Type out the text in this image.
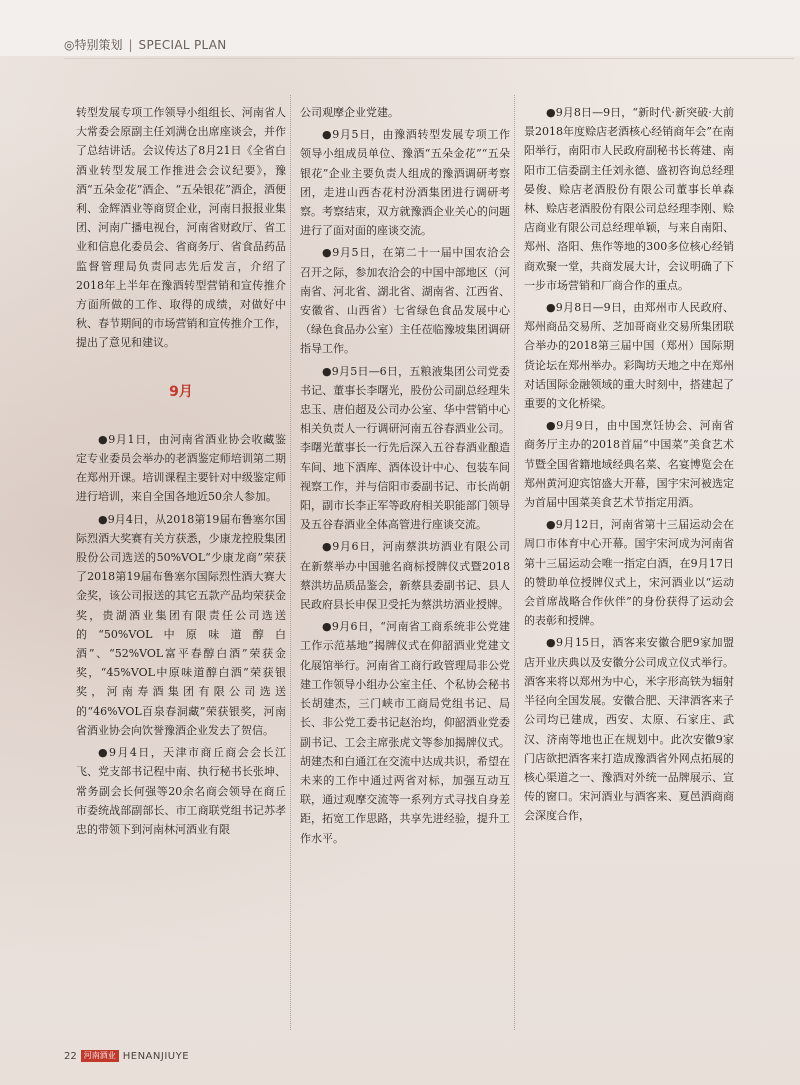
◎特别策划 | SPECIAL PLAN

转型发展专项工作领导小组组长、河南省人大常委会原副主任刘满仓出席座谈会，并作了总结讲话。会议传达了8月21日《全省白酒业转型发展工作推进会会议纪要》，豫酒“五朵金花”酒企、“五朵银花”酒企，酒便利、金辉酒业等商贸企业，河南日报报业集团、河南广播电视台，河南省财政厅、省工业和信息化委员会、省商务厅、省食品药品监督管理局负责同志先后发言，介绍了2018年上半年在豫酒转型营销和宣传推介方面所做的工作、取得的成绩，对做好中秋、春节期间的市场营销和宣传推介工作，提出了意见和建议。

9月

●9月1日，由河南省酒业协会收藏鉴定专业委员会举办的老酒鉴定师培训第二期在郑州开课。培训课程主要针对中级鉴定师进行培训，来自全国各地近50余人参加。

●9月4日，从2018第19届布鲁塞尔国际烈酒大奖赛有关方获悉，少康龙控股集团股份公司选送的50%VOL“少康龙商”荣获了2018第19届布鲁塞尔国际烈性酒大赛大金奖，该公司报送的其它五款产品均荣获金奖，贵湖酒业集团有限责任公司选送的“50%VOL中原味道醇白酒”、“52%VOL富平春醇白酒”荣获金奖，“45%VOL中原味道醇白酒”荣获银奖，河南寿酒集团有限公司选送的“46%VOL百泉春洞藏”荣获银奖，河南省酒业协会向饮誉豫酒企业发去了贺信。

●9月4日，天津市商丘商会会长江飞、党支部书记程中南、执行秘书长张坤、常务副会长何强等20余名商会领导在商丘市委统战部副部长、市工商联党组书记苏孝忠的带领下到河南林河酒业有限

公司观摩企业党建。

●9月5日，由豫酒转型发展专项工作领导小组成员单位、豫酒“五朵金花”“五朵银花”企业主要负责人组成的豫酒调研考察团，走进山西杏花村汾酒集团进行调研考察。考察结束，双方就豫酒企业关心的问题进行了面对面的座谈交流。

●9月5日，在第二十一届中国农洽会召开之际，参加农洽会的中国中部地区（河南省、河北省、湖北省、湖南省、江西省、安徽省、山西省）七省绿色食品发展中心（绿色食品办公室）主任莅临豫坡集团调研指导工作。

●9月5日—6日，五粮液集团公司党委书记、董事长李曙光，股份公司副总经理朱忠玉、唐伯超及公司办公室、华中营销中心相关负责人一行调研河南五谷春酒业公司。李曙光董事长一行先后深入五谷春酒业酿造车间、地下酒库、酒体设计中心、包装车间视察工作，并与信阳市委副书记、市长尚朝阳，副市长李正军等政府相关职能部门领导及五谷春酒业全体高管进行座谈交流。

●9月6日，河南蔡洪坊酒业有限公司在新蔡举办中国驰名商标授牌仪式暨2018蔡洪坊品质品鉴会，新蔡县委副书记、县人民政府县长申保卫受托为蔡洪坊酒业授牌。

●9月6日，“河南省工商系统非公党建工作示范基地”揭牌仪式在仰韶酒业党建文化展馆举行。河南省工商行政管理局非公党建工作领导小组办公室主任、个私协会秘书长胡建杰，三门峡市工商局党组书记、局长、非公党工委书记赵治均，仰韶酒业党委副书记、工会主席张虎文等参加揭牌仪式。胡建杰和白通江在交流中达成共识，希望在未来的工作中通过两省对标，加强互动互联，通过观摩交流等一系列方式寻找自身差距，拓宽工作思路，共享先进经验，提升工作水平。

●9月8日—9日，“新时代·新突破·大前景2018年度赊店老酒核心经销商年会”在南阳举行，南阳市人民政府副秘书长蒋建、南阳市工信委副主任刘永德、盛初咨询总经理晏俊、赊店老酒股份有限公司董事长单森林、赊店老酒股份有限公司总经理李刚、赊店商业有限公司总经理单颖，与来自南阳、郑州、洛阳、焦作等地的300多位核心经销商欢聚一堂，共商发展大计，会议明确了下一步市场营销和厂商合作的重点。

●9月8日—9日，由郑州市人民政府、郑州商品交易所、芝加哥商业交易所集团联合举办的2018第三届中国（郑州）国际期货论坛在郑州举办。彩陶坊天地之中在郑州对话国际金融领域的重大时刻中，搭建起了重要的文化桥梁。

●9月9日，由中国烹饪协会、河南省商务厅主办的2018首届“中国菜”美食艺术节暨全国省籍地域经典名菜、名宴博览会在郑州黄河迎宾馆盛大开幕，国宇宋河被选定为首届中国菜美食艺术节指定用酒。

●9月12日，河南省第十三届运动会在周口市体育中心开幕。国宇宋河成为河南省第十三届运动会唯一指定白酒，在9月17日的赞助单位授牌仪式上，宋河酒业以“运动会首席战略合作伙伴”的身份获得了运动会的表彰和授牌。

●9月15日，酒客来安徽合肥9家加盟店开业庆典以及安徽分公司成立仪式举行。酒客来将以郑州为中心，米字形高铁为辐射半径向全国发展。安徽合肥、天津酒客来子公司均已建成，西安、太原、石家庄、武汉、济南等地也正在规划中。此次安徽9家门店欲把酒客来打造成豫酒省外网点拓展的核心渠道之一、豫酒对外统一品牌展示、宣传的窗口。宋河酒业与酒客来、夏邑酒商商会深度合作，

22 河南酒业 HENANJIUYE
